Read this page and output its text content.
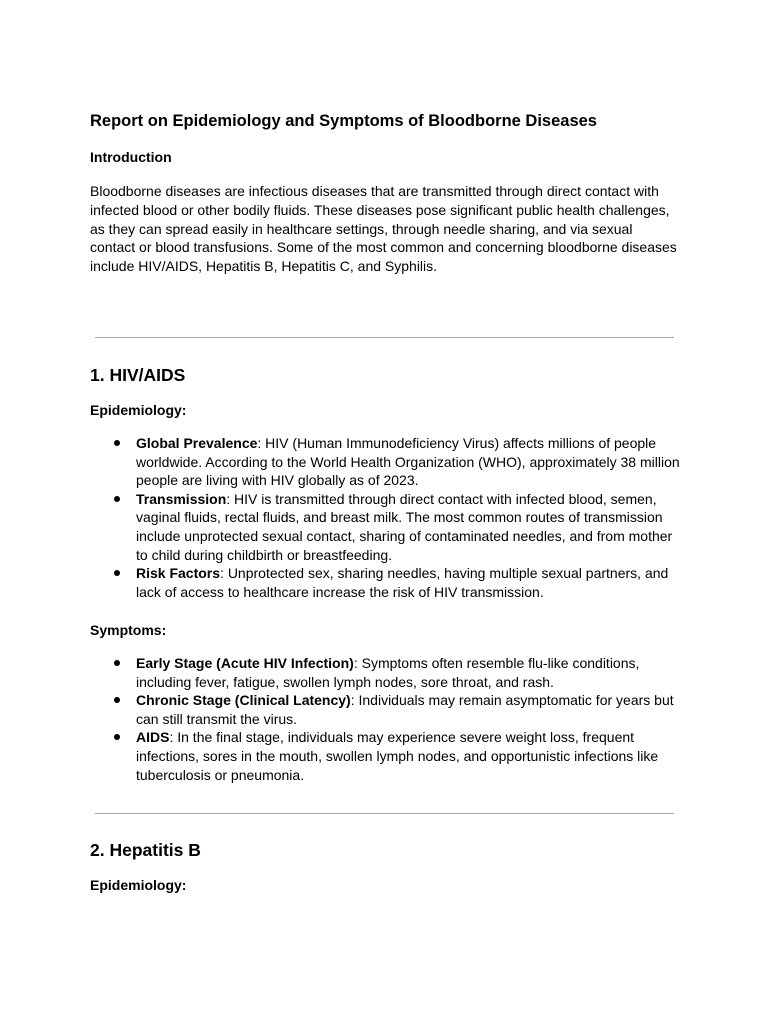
Report on Epidemiology and Symptoms of Bloodborne Diseases
Introduction

Bloodborne diseases are infectious diseases that are transmitted through direct contact with infected blood or other bodily fluids. These diseases pose significant public health challenges, as they can spread easily in healthcare settings, through needle sharing, and via sexual contact or blood transfusions. Some of the most common and concerning bloodborne diseases include HIV/AIDS, Hepatitis B, Hepatitis C, and Syphilis.

1. HIV/AIDS
Epidemiology:
Global Prevalence: HIV (Human Immunodeficiency Virus) affects millions of people worldwide. According to the World Health Organization (WHO), approximately 38 million people are living with HIV globally as of 2023.
Transmission: HIV is transmitted through direct contact with infected blood, semen, vaginal fluids, rectal fluids, and breast milk. The most common routes of transmission include unprotected sexual contact, sharing of contaminated needles, and from mother to child during childbirth or breastfeeding.
Risk Factors: Unprotected sex, sharing needles, having multiple sexual partners, and lack of access to healthcare increase the risk of HIV transmission.
Symptoms:
Early Stage (Acute HIV Infection): Symptoms often resemble flu-like conditions, including fever, fatigue, swollen lymph nodes, sore throat, and rash.
Chronic Stage (Clinical Latency): Individuals may remain asymptomatic for years but can still transmit the virus.
AIDS: In the final stage, individuals may experience severe weight loss, frequent infections, sores in the mouth, swollen lymph nodes, and opportunistic infections like tuberculosis or pneumonia.
2. Hepatitis B
Epidemiology:
